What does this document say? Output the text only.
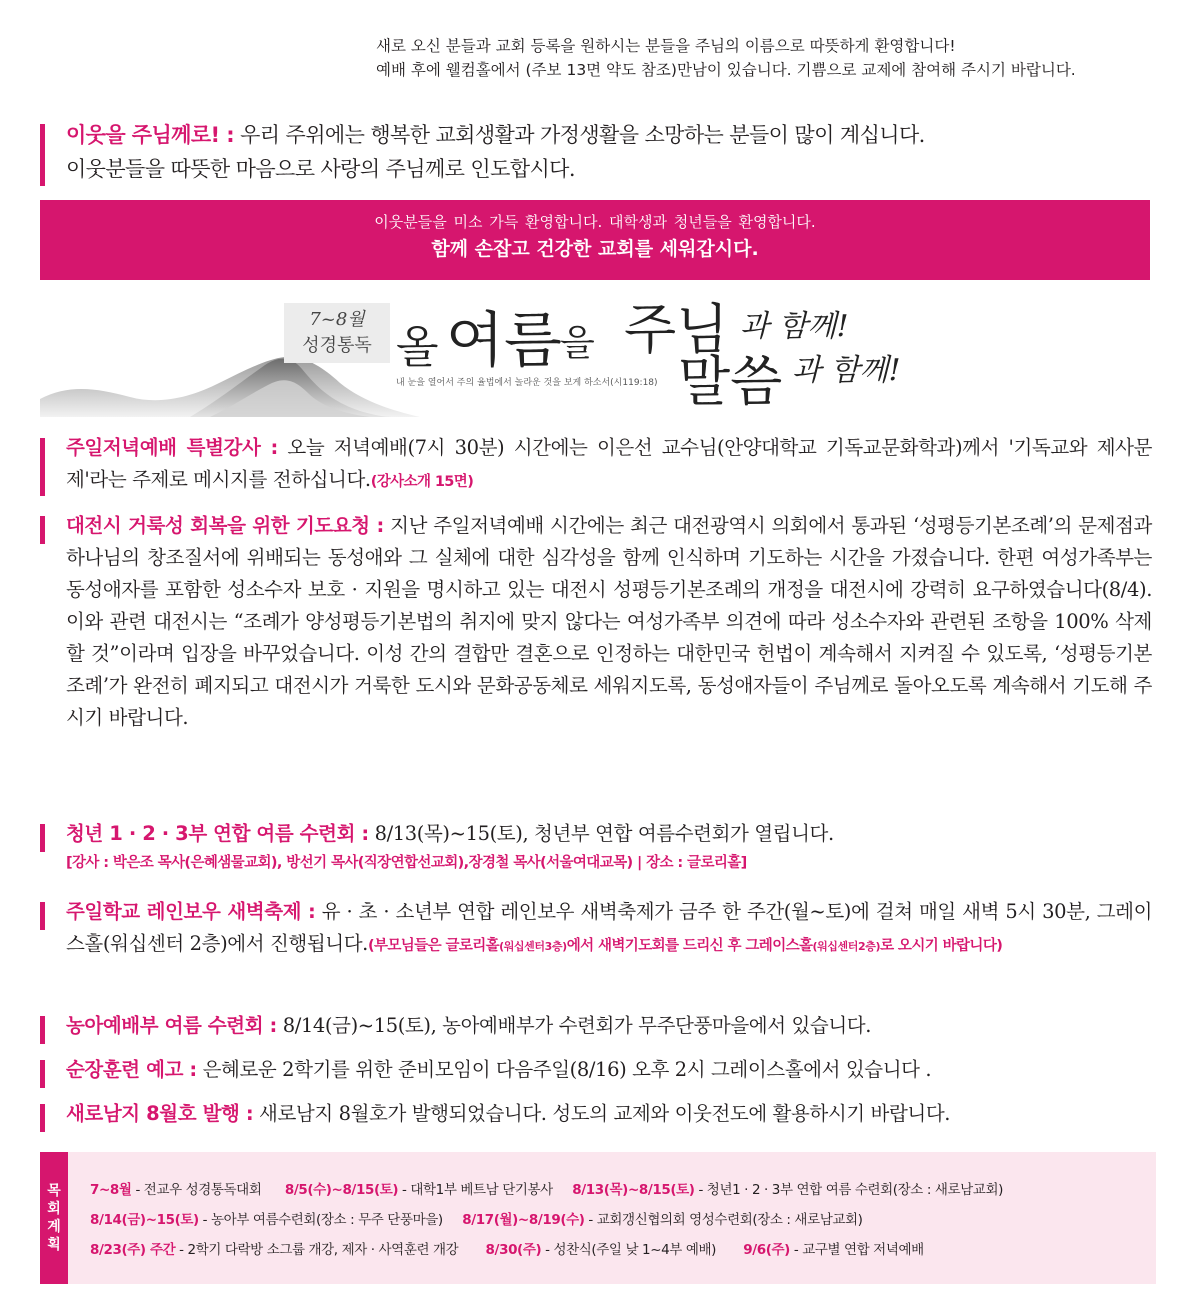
새로 오신 분들과 교회 등록을 원하시는 분들을 주님의 이름으로 따뜻하게 환영합니다!
예배 후에 웰컴홀에서 (주보 13면 약도 참조)만남이 있습니다. 기쁨으로 교제에 참여해 주시기 바랍니다.
이웃을 주님께로! : 우리 주위에는 행복한 교회생활과 가정생활을 소망하는 분들이 많이 계십니다.
이웃분들을 따뜻한 마음으로 사랑의 주님께로 인도합시다.
이웃분들을 미소 가득 환영합니다. 대학생과 청년들을 환영합니다.
함께 손잡고 건강한 교회를 세워갑시다.
7~8월
성경통독 올 여름
을 주님 과 함께!
말씀 과 함께!
내 눈을 열어서 주의 율법에서 놀라운 것을 보게 하소서(시119:18)
주일저녁예배 특별강사 : 오늘 저녁예배(7시 30분) 시간에는 이은선 교수님(안양대학교 기독교문화학과)께서 '기독교와 제사문제'라는 주제로 메시지를 전하십니다.(강사소개 15면)
대전시 거룩성 회복을 위한 기도요청 : 지난 주일저녁예배 시간에는 최근 대전광역시 의회에서 통과된 ‘성평등기본조례’의 문제점과 하나님의 창조질서에 위배되는 동성애와 그 실체에 대한 심각성을 함께 인식하며 기도하는 시간을 가졌습니다. 한편 여성가족부는 동성애자를 포함한 성소수자 보호 · 지원을 명시하고 있는 대전시 성평등기본조례의 개정을 대전시에 강력히 요구하였습니다(8/4). 이와 관련 대전시는 “조례가 양성평등기본법의 취지에 맞지 않다는 여성가족부 의견에 따라 성소수자와 관련된 조항을 100% 삭제할 것”이라며 입장을 바꾸었습니다. 이성 간의 결합만 결혼으로 인정하는 대한민국 헌법이 계속해서 지켜질 수 있도록, ‘성평등기본조례’가 완전히 폐지되고 대전시가 거룩한 도시와 문화공동체로 세워지도록, 동성애자들이 주님께로 돌아오도록 계속해서 기도해 주시기 바랍니다.
청년 1 · 2 · 3부 연합 여름 수련회 : 8/13(목)~15(토), 청년부 연합 여름수련회가 열립니다.
[강사 : 박은조 목사(은혜샘물교회), 방선기 목사(직장연합선교회),장경철 목사(서울여대교목) | 장소 : 글로리홀]
주일학교 레인보우 새벽축제 : 유 · 초 · 소년부 연합 레인보우 새벽축제가 금주 한 주간(월~토)에 걸쳐 매일 새벽 5시 30분, 그레이스홀(워십센터 2층)에서 진행됩니다.(부모님들은 글로리홀(워십센터3층)에서 새벽기도회를 드리신 후 그레이스홀(워십센터2층)로 오시기 바랍니다)
농아예배부 여름 수련회 : 8/14(금)~15(토), 농아예배부가 수련회가 무주단풍마을에서 있습니다.
순장훈련 예고 : 은혜로운 2학기를 위한 준비모임이 다음주일(8/16) 오후 2시 그레이스홀에서 있습니다 .
새로남지 8월호 발행 : 새로남지 8월호가 발행되었습니다. 성도의 교제와 이웃전도에 활용하시기 바랍니다.
목
회
계
획
7~8월 - 전교우 성경통독대회 8/5(수)~8/15(토) - 대학1부 베트남 단기봉사 8/13(목)~8/15(토) - 청년1 · 2 · 3부 연합 여름 수련회(장소 : 새로남교회)
8/14(금)~15(토) - 농아부 여름수련회(장소 : 무주 단풍마을) 8/17(월)~8/19(수) - 교회갱신협의회 영성수련회(장소 : 새로남교회)
8/23(주) 주간 - 2학기 다락방 소그룹 개강, 제자 · 사역훈련 개강 8/30(주) - 성찬식(주일 낮 1~4부 예배) 9/6(주) - 교구별 연합 저녁예배
